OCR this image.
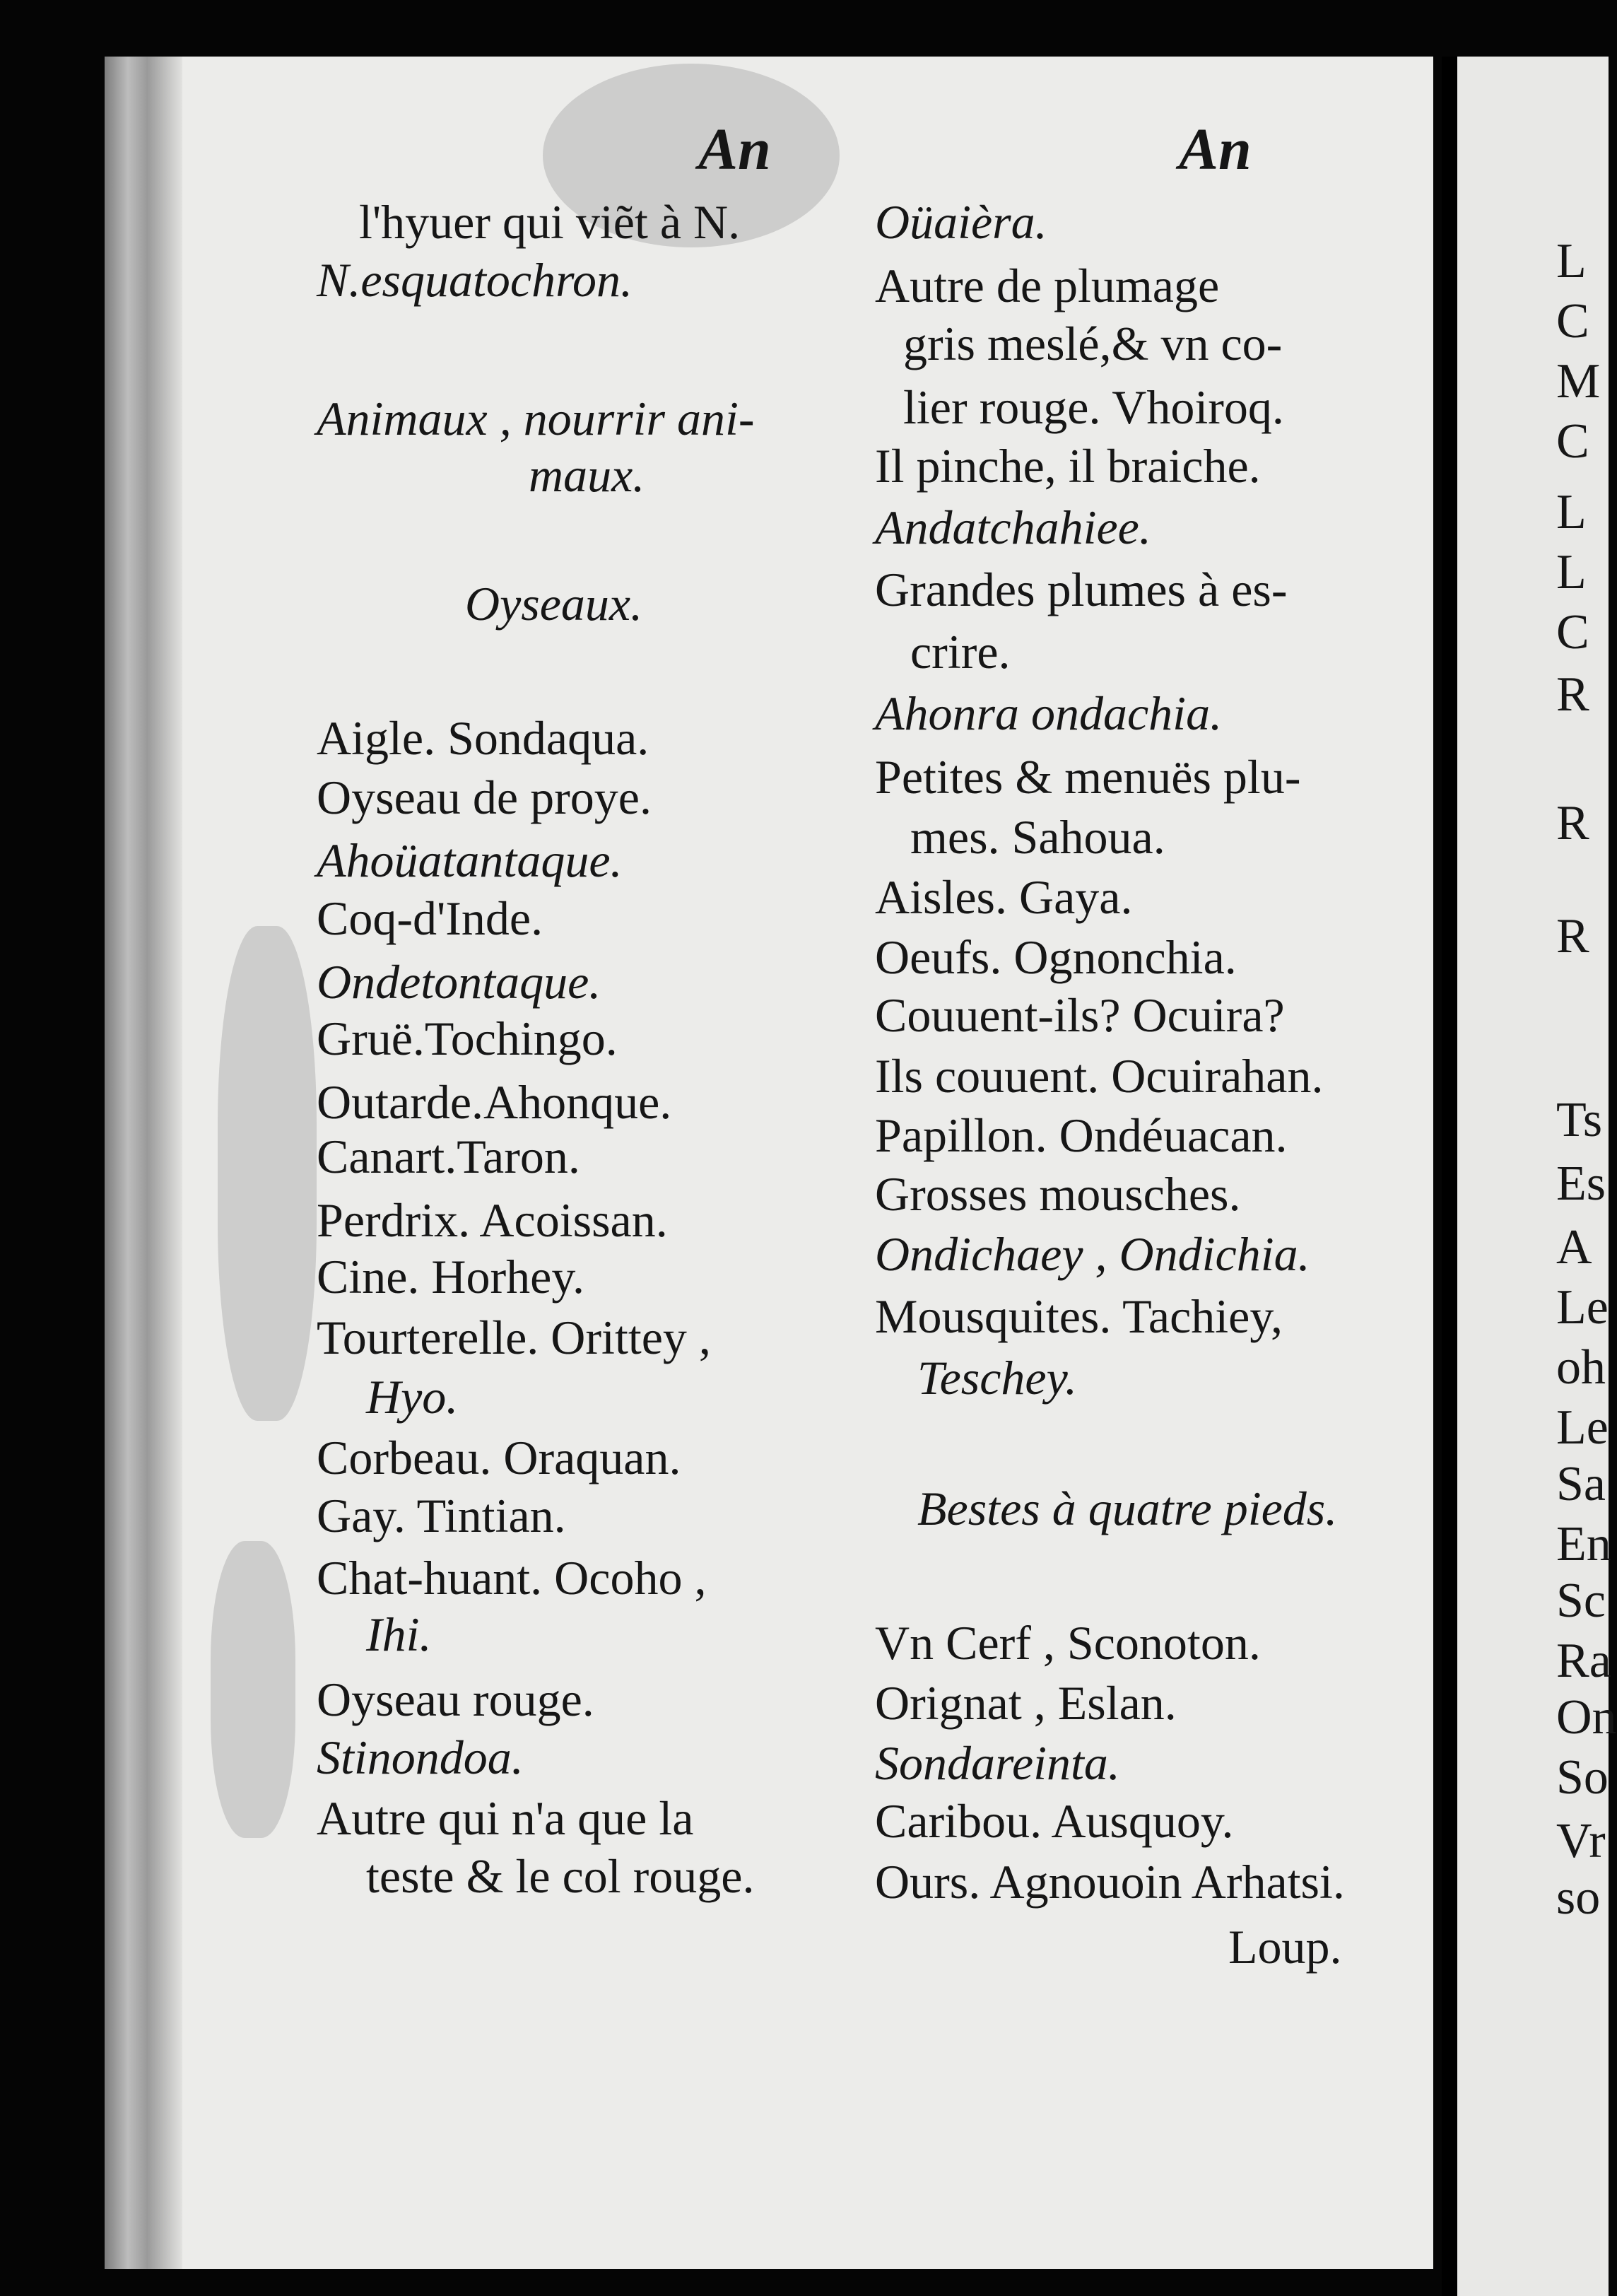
An
l'hyuer qui viẽt à N.
N.esquatochron.
Animaux , nourrir ani-
maux.
Oyseaux.
Aigle. Sondaqua.
Oyseau de proye.
Ahoüatantaque.
Coq-d'Inde.
Ondetontaque.
Gruë.Tochingo.
Outarde.Ahonque.
Canart.Taron.
Perdrix. Acoissan.
Cine. Horhey.
Tourterelle. Orittey ,
Hyo.
Corbeau. Oraquan.
Gay. Tintian.
Chat-huant. Ocoho ,
Ihi.
Oyseau rouge.
Stinondoa.
Autre qui n'a que la
teste & le col rouge.
An
Oüaièra.
Autre de plumage
gris meslé,& vn co-
lier rouge. Vhoiroq.
Il pinche, il braiche.
Andatchahiee.
Grandes plumes à es-
crire.
Ahonra ondachia.
Petites & menuës plu-
mes. Sahoua.
Aisles. Gaya.
Oeufs. Ognonchia.
Couuent-ils? Ocuira?
Ils couuent. Ocuirahan.
Papillon. Ondéuacan.
Grosses mousches.
Ondichaey , Ondichia.
Mousquites. Tachiey,
Teschey.
Bestes à quatre pieds.
Vn Cerf , Sconoton.
Orignat , Eslan.
Sondareinta.
Caribou. Ausquoy.
Ours. Agnouoin Arhatsi.
Loup.
L
C
M
C
L
L
C
R
R
R
Ts
Es
A
Le
oh
Le
Sa
En
Sc
Ra
On
So
Vr
so
